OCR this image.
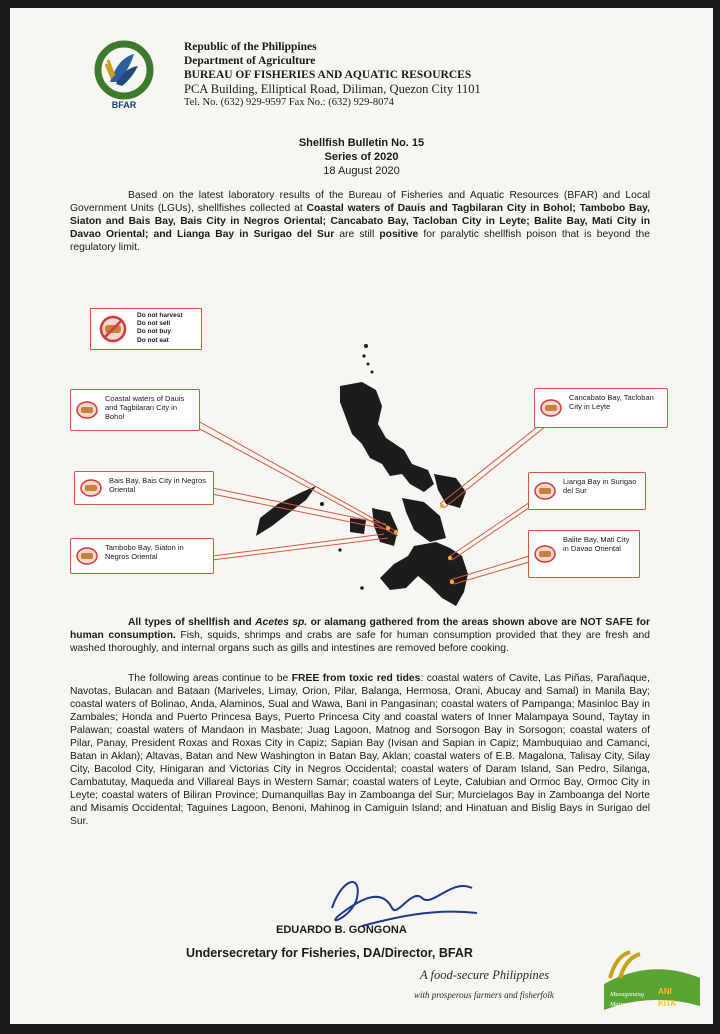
BFAR
Republic of the Philippines
Department of Agriculture
BUREAU OF FISHERIES AND AQUATIC RESOURCES
PCA Building, Elliptical Road, Diliman, Quezon City 1101
Tel. No. (632) 929-9597 Fax No.: (632) 929-8074
Shellfish Bulletin No. 15
Series of 2020
18 August 2020
Based on the latest laboratory results of the Bureau of Fisheries and Aquatic Resources (BFAR) and Local Government Units (LGUs), shellfishes collected at Coastal waters of Dauis and Tagbilaran City in Bohol; Tambobo Bay, Siaton and Bais Bay, Bais City in Negros Oriental; Cancabato Bay, Tacloban City in Leyte; Balite Bay, Mati City in Davao Oriental; and Lianga Bay in Surigao del Sur are still positive for paralytic shellfish poison that is beyond the regulatory limit.
Do not harvest
Do not sell
Do not buy
Do not eat
Coastal waters of Dauis and Tagbilaran City in Bohol
Bais Bay, Bais City in Negros Oriental
Tambobo Bay, Siaton in Negros Oriental
Cancabato Bay, Tacloban City in Leyte
Lianga Bay in Surigao del Sur
Balite Bay, Mati City in Davao Oriental
All types of shellfish and Acetes sp. or alamang gathered from the areas shown above are NOT SAFE for human consumption. Fish, squids, shrimps and crabs are safe for human consumption provided that they are fresh and washed thoroughly, and internal organs such as gills and intestines are removed before cooking.
The following areas continue to be FREE from toxic red tides: coastal waters of Cavite, Las Piñas, Parañaque, Navotas, Bulacan and Bataan (Mariveles, Limay, Orion, Pilar, Balanga, Hermosa, Orani, Abucay and Samal) in Manila Bay; coastal waters of Bolinao, Anda, Alaminos, Sual and Wawa, Bani in Pangasinan; coastal waters of Pampanga; Masinloc Bay in Zambales; Honda and Puerto Princesa Bays, Puerto Princesa City and coastal waters of Inner Malampaya Sound, Taytay in Palawan; coastal waters of Mandaon in Masbate; Juag Lagoon, Matnog and Sorsogon Bay in Sorsogon; coastal waters of Pilar, Panay, President Roxas and Roxas City in Capiz; Sapian Bay (Ivisan and Sapian in Capiz; Mambuquiao and Camanci, Batan in Aklan); Altavas, Batan and New Washington in Batan Bay, Aklan; coastal waters of E.B. Magalona, Talisay City, Silay City, Bacolod City, Hinigaran and Victorias City in Negros Occidental; coastal waters of Daram Island, San Pedro, Silanga, Cambatutay, Maqueda and Villareal Bays in Western Samar; coastal waters of Leyte, Calubian and Ormoc Bay, Ormoc City in Leyte; coastal waters of Biliran Province; Dumanquillas Bay in Zamboanga del Sur; Murcielagos Bay in Zamboanga del Norte and Misamis Occidental; Taguines Lagoon, Benoni, Mahinog in Camiguin Island; and Hinatuan and Bislig Bays in Surigao del Sur.
EDUARDO B. GONGONA
Undersecretary for Fisheries, DA/Director, BFAR
A food-secure Philippines
with prosperous farmers and fisherfolk	Masaganang ANI
Mataas na	KITA
